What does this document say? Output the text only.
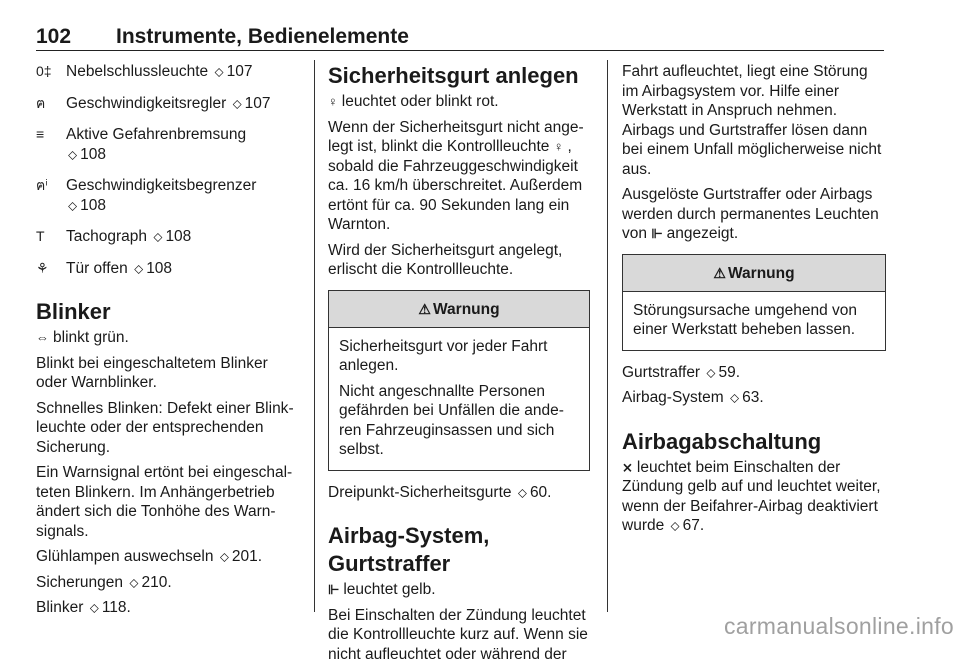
102 Instrumente, Bedienelemente
0‡ Nebelschlussleuchte ⬦ 107
ฅ	Geschwindigkeitsregler ⬦ 107
≡	Aktive Gefahrenbremsung
⬦ 108
ฅⁱ	Geschwindigkeitsbegrenzer
⬦ 108
T	Tachograph ⬦ 108
⚘	Tür offen ⬦ 108
Blinker

⇔ blinkt grün.

Blinkt bei eingeschaltetem Blinker oder Warnblinker.

Schnelles Blinken: Defekt einer Blinkleuchte oder der entsprechenden Sicherung.

Ein Warnsignal ertönt bei eingeschalteten Blinkern. Im Anhängerbetrieb ändert sich die Tonhöhe des Warnsignals.

Glühlampen auswechseln ⬦ 201.

Sicherungen ⬦ 210.

Blinker ⬦ 118.

Sicherheitsgurt anlegen

♀ leuchtet oder blinkt rot.

Wenn der Sicherheitsgurt nicht angelegt ist, blinkt die Kontrollleuchte ♀ , sobald die Fahrzeuggeschwindigkeit ca. 16 km/h überschreitet. Außerdem ertönt für ca. 90 Sekunden lang ein Warnton.

Wird der Sicherheitsgurt angelegt, erlischt die Kontrollleuchte.

⚠ Warnung

Sicherheitsgurt vor jeder Fahrt anlegen.

Nicht angeschnallte Personen gefährden bei Unfällen die anderen Fahrzeuginsassen und sich selbst.

Dreipunkt-Sicherheitsgurte ⬦ 60.

Airbag-System, Gurtstraffer

⊩ leuchtet gelb.

Bei Einschalten der Zündung leuchtet die Kontrollleuchte kurz auf. Wenn sie nicht aufleuchtet oder während der

Fahrt aufleuchtet, liegt eine Störung im Airbagsystem vor. Hilfe einer Werkstatt in Anspruch nehmen. Airbags und Gurtstraffer lösen dann bei einem Unfall möglicherweise nicht aus.

Ausgelöste Gurtstraffer oder Airbags werden durch permanentes Leuchten von ⊩ angezeigt.

⚠ Warnung

Störungsursache umgehend von einer Werkstatt beheben lassen.

Gurtstraffer ⬦ 59.

Airbag-System ⬦ 63.

Airbagabschaltung

⨯ leuchtet beim Einschalten der Zündung gelb auf und leuchtet weiter, wenn der Beifahrer-Airbag deaktiviert wurde ⬦ 67.

carmanualsonline.info
